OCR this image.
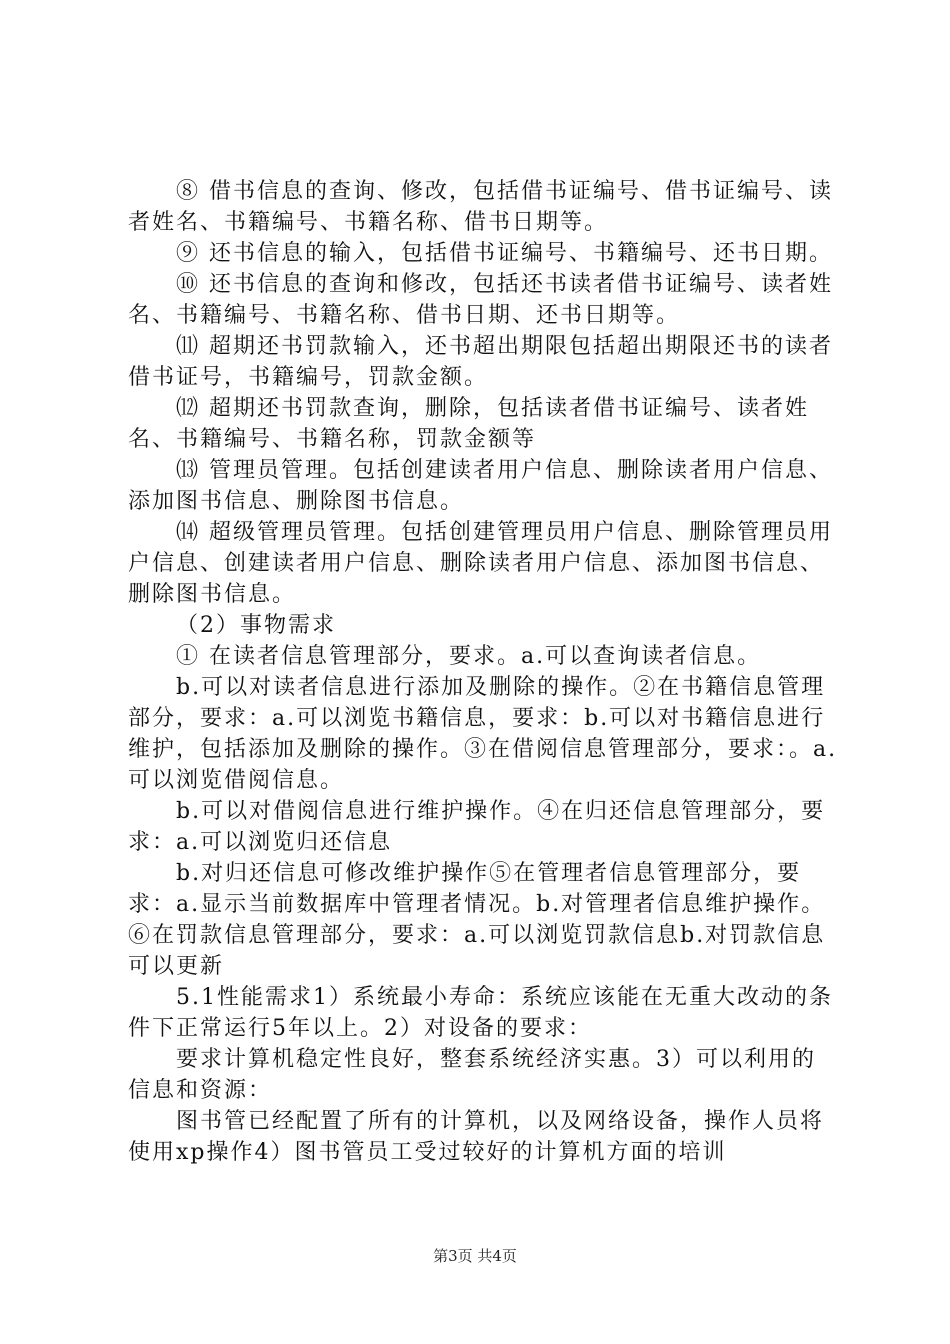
⑧ 借书信息的查询、修改，包括借书证编号、借书证编号、读者姓名、书籍编号、书籍名称、借书日期等。

⑨ 还书信息的输入，包括借书证编号、书籍编号、还书日期。

⑩ 还书信息的查询和修改，包括还书读者借书证编号、读者姓名、书籍编号、书籍名称、借书日期、还书日期等。

⑾ 超期还书罚款输入，还书超出期限包括超出期限还书的读者借书证号，书籍编号，罚款金额。

⑿ 超期还书罚款查询，删除，包括读者借书证编号、读者姓名、书籍编号、书籍名称，罚款金额等

⒀ 管理员管理。包括创建读者用户信息、删除读者用户信息、添加图书信息、删除图书信息。

⒁ 超级管理员管理。包括创建管理员用户信息、删除管理员用户信息、创建读者用户信息、删除读者用户信息、添加图书信息、删除图书信息。

（2）事物需求

① 在读者信息管理部分，要求。a.可以查询读者信息。

b.可以对读者信息进行添加及删除的操作。②在书籍信息管理部分，要求：a.可以浏览书籍信息，要求：b.可以对书籍信息进行维护，包括添加及删除的操作。③在借阅信息管理部分，要求：。a.可以浏览借阅信息。

b.可以对借阅信息进行维护操作。④在归还信息管理部分，要求：a.可以浏览归还信息

b.对归还信息可修改维护操作⑤在管理者信息管理部分，要求：a.显示当前数据库中管理者情况。b.对管理者信息维护操作。⑥在罚款信息管理部分，要求：a.可以浏览罚款信息b.对罚款信息可以更新

5.1性能需求1）系统最小寿命：系统应该能在无重大改动的条件下正常运行5年以上。2）对设备的要求：

要求计算机稳定性良好，整套系统经济实惠。3）可以利用的信息和资源：

图书管已经配置了所有的计算机，以及网络设备，操作人员将使用xp操作4）图书管员工受过较好的计算机方面的培训

第3页 共4页
